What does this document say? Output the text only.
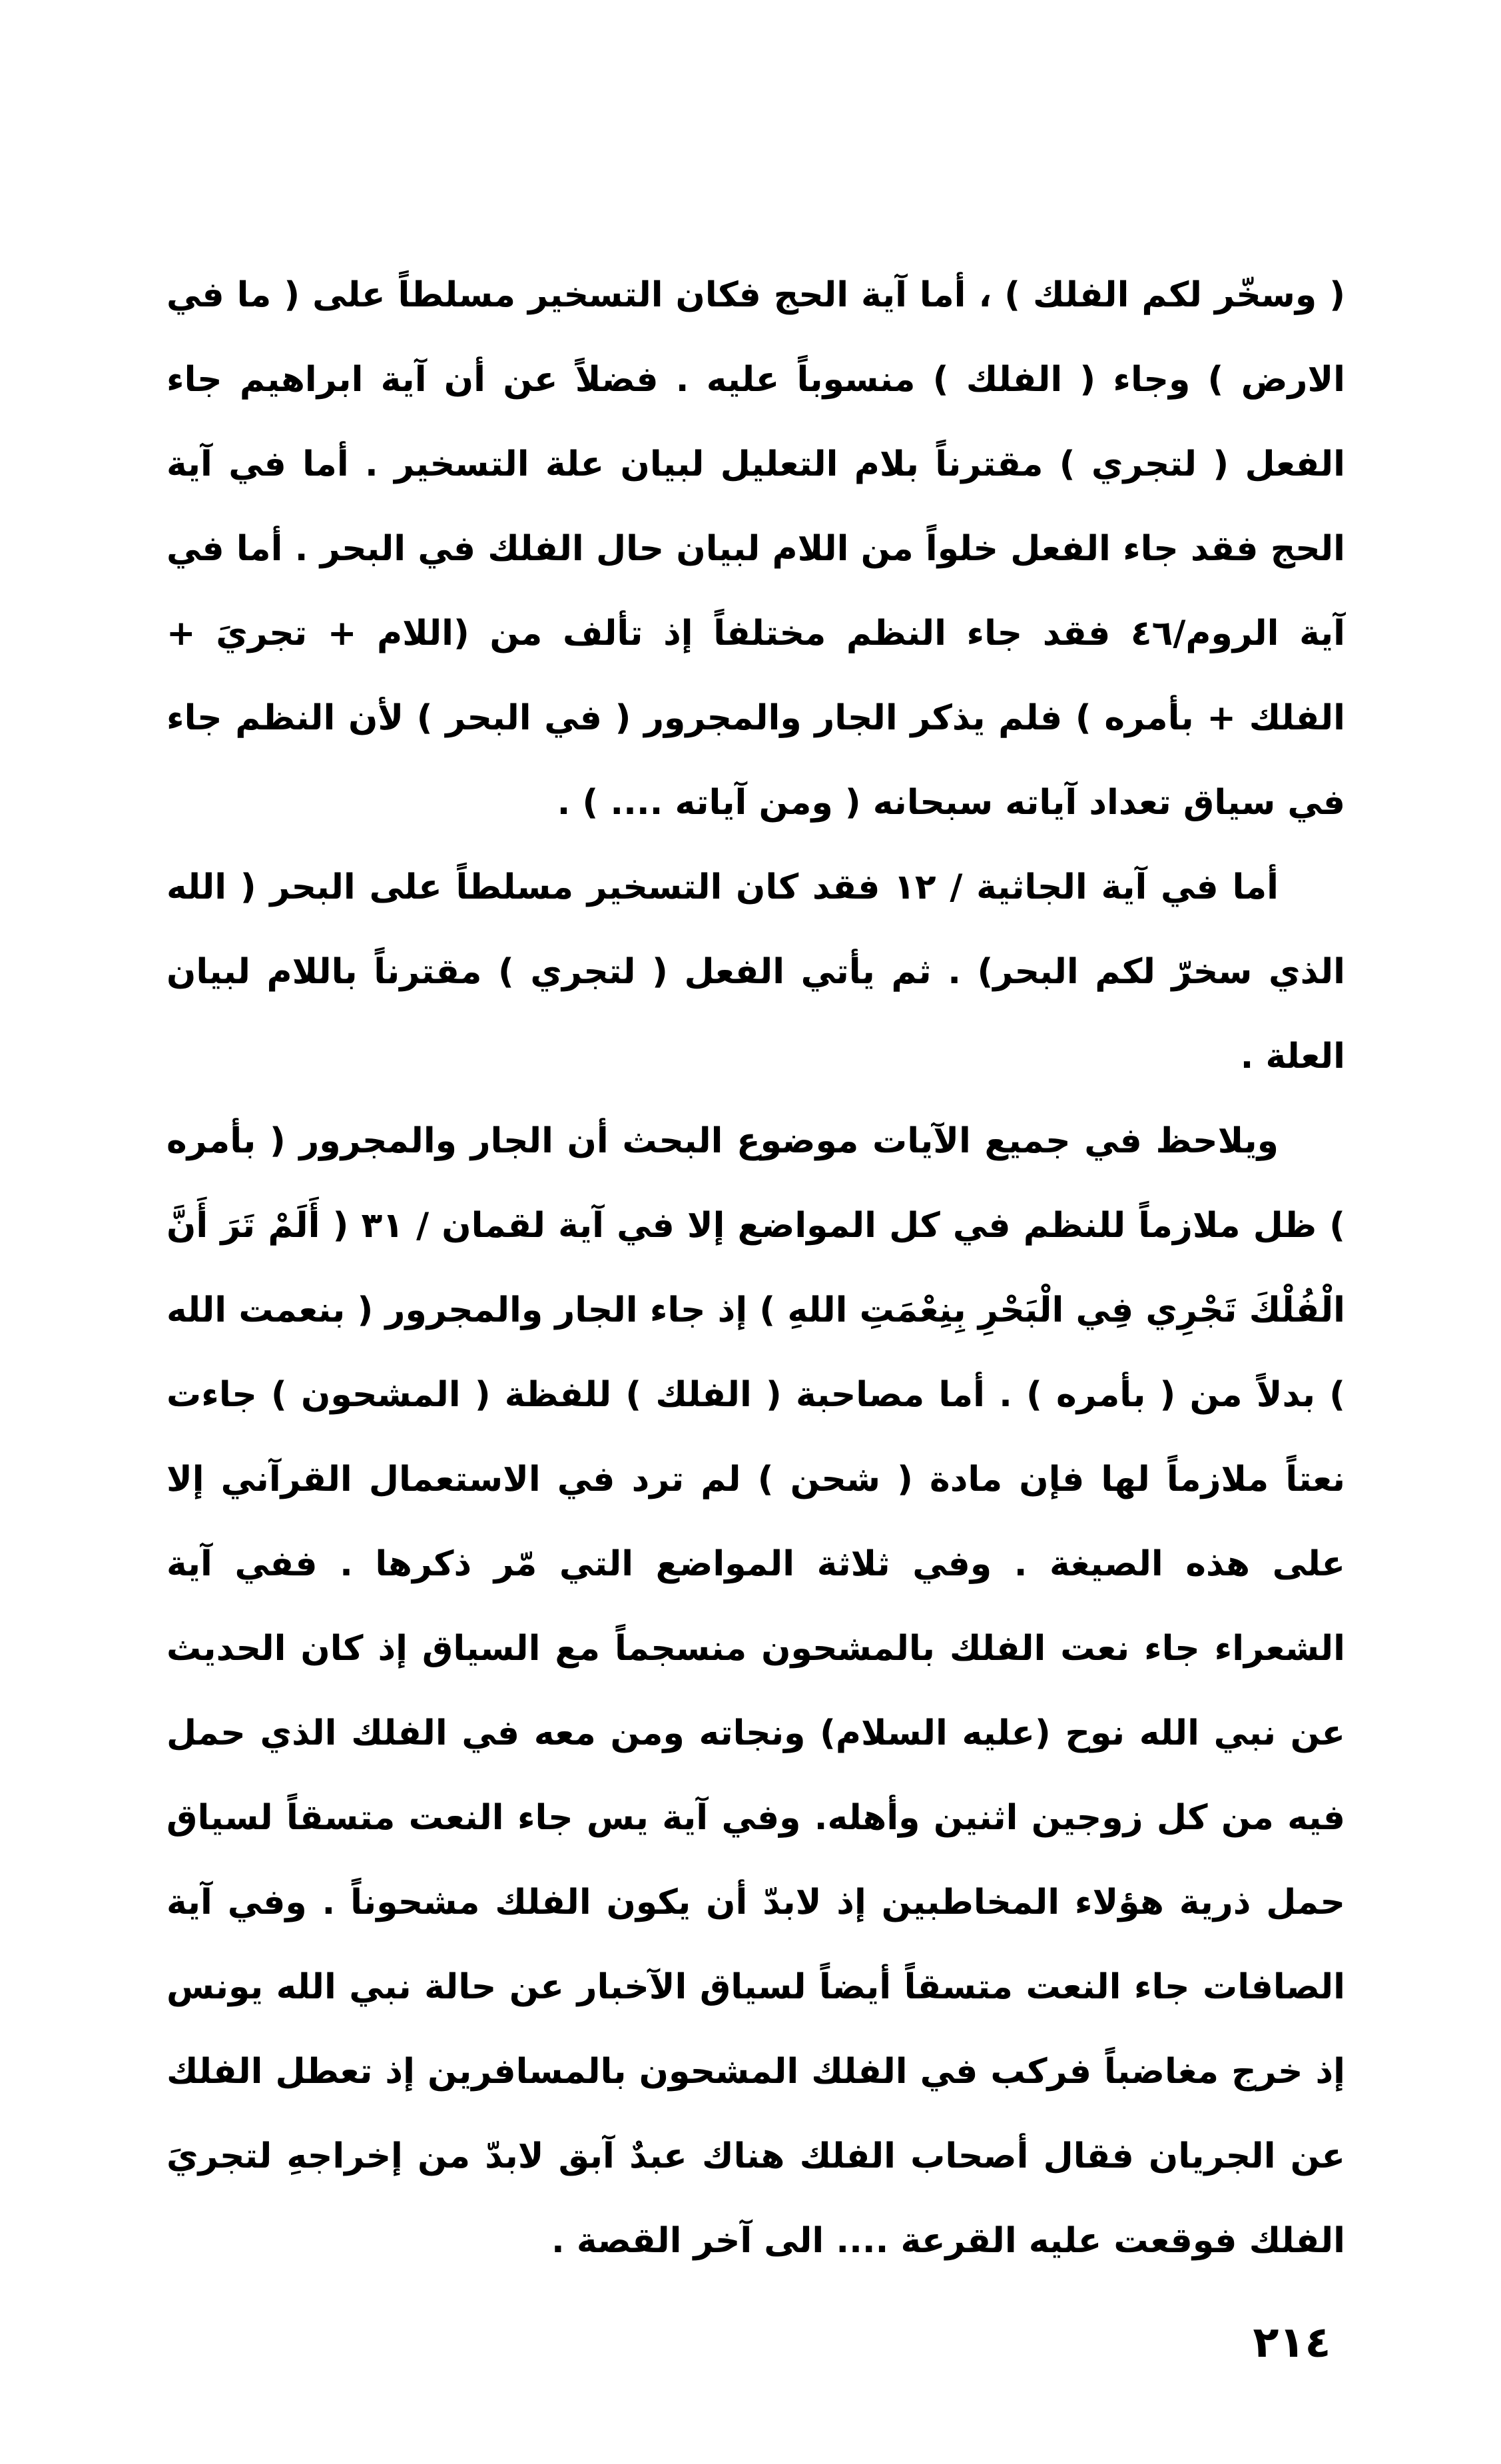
( وسخّر لكم الفلك ) ، أما آية الحج فكان التسخير مسلطاً على ( ما في الارض ) وجاء ( الفلك ) منسوباً عليه . فضلاً عن أن آية ابراهيم جاء الفعل ( لتجري ) مقترناً بلام التعليل لبيان علة التسخير . أما في آية الحج فقد جاء الفعل خلواً من اللام لبيان حال الفلك في البحر . أما في آية الروم/٤٦ فقد جاء النظم مختلفاً إذ تألف من (اللام + تجريَ + الفلك + بأمره ) فلم يذكر الجار والمجرور ( في البحر ) لأن النظم جاء في سياق تعداد آياته سبحانه ( ومن آياته .... ) .

أما في آية الجاثية / ١٢ فقد كان التسخير مسلطاً على البحر ( الله الذي سخرّ لكم البحر) . ثم يأتي الفعل ( لتجري ) مقترناً باللام لبيان العلة .

ويلاحظ في جميع الآيات موضوع البحث أن الجار والمجرور ( بأمره ) ظل ملازماً للنظم في كل المواضع إلا في آية لقمان / ٣١ ( أَلَمْ تَرَ أَنَّ الْفُلْكَ تَجْرِي فِي الْبَحْرِ بِنِعْمَتِ اللهِ ) إذ جاء الجار والمجرور ( بنعمت الله ) بدلاً من ( بأمره ) . أما مصاحبة ( الفلك ) للفظة ( المشحون ) جاءت نعتاً ملازماً لها فإن مادة ( شحن ) لم ترد في الاستعمال القرآني إلا على هذه الصيغة . وفي ثلاثة المواضع التي مّر ذكرها . ففي آية الشعراء جاء نعت الفلك بالمشحون منسجماً مع السياق إذ كان الحديث عن نبي الله نوح (عليه السلام) ونجاته ومن معه في الفلك الذي حمل فيه من كل زوجين اثنين وأهله. وفي آية يس جاء النعت متسقاً لسياق حمل ذرية هؤلاء المخاطبين إذ لابدّ أن يكون الفلك مشحوناً . وفي آية الصافات جاء النعت متسقاً أيضاً لسياق الآخبار عن حالة نبي الله يونس إذ خرج مغاضباً فركب في الفلك المشحون بالمسافرين إذ تعطل الفلك عن الجريان فقال أصحاب الفلك هناك عبدٌ آبق لابدّ من إخراجهِ لتجريَ الفلك فوقعت عليه القرعة .... الى آخر القصة .

٢١٤
